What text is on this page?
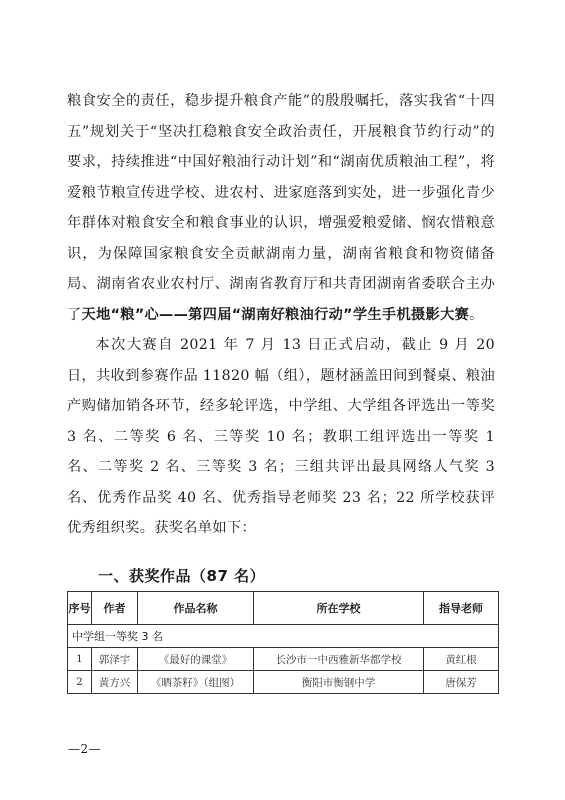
粮食安全的责任，稳步提升粮食产能”的殷殷嘱托，落实我省“十四五”规划关于“坚决扛稳粮食安全政治责任，开展粮食节约行动”的要求，持续推进“中国好粮油行动计划”和“湖南优质粮油工程”，将爱粮节粮宣传进学校、进农村、进家庭落到实处，进一步强化青少年群体对粮食安全和粮食事业的认识，增强爱粮爱储、悯农惜粮意识，为保障国家粮食安全贡献湖南力量，湖南省粮食和物资储备局、湖南省农业农村厅、湖南省教育厅和共青团湖南省委联合主办了天地“粮”心——第四届“湖南好粮油行动”学生手机摄影大赛。

本次大赛自 2021 年 7 月 13 日正式启动，截止 9 月 20 日，共收到参赛作品 11820 幅（组），题材涵盖田间到餐桌、粮油产购储加销各环节，经多轮评选，中学组、大学组各评选出一等奖 3 名、二等奖 6 名、三等奖 10 名；教职工组评选出一等奖 1 名、二等奖 2 名、三等奖 3 名；三组共评出最具网络人气奖 3 名、优秀作品奖 40 名、优秀指导老师奖 23 名；22 所学校获评优秀组织奖。获奖名单如下：

一、获奖作品（87 名）
序号	作者	作品名称	所在学校	指导老师
中学组一等奖 3 名				
1	郭泽宇	《最好的课堂》	长沙市一中西雅新华都学校	黄红根
2	黄方兴	《晒茶籽》（组图）	衡阳市衡钢中学	唐保芳

—2—
